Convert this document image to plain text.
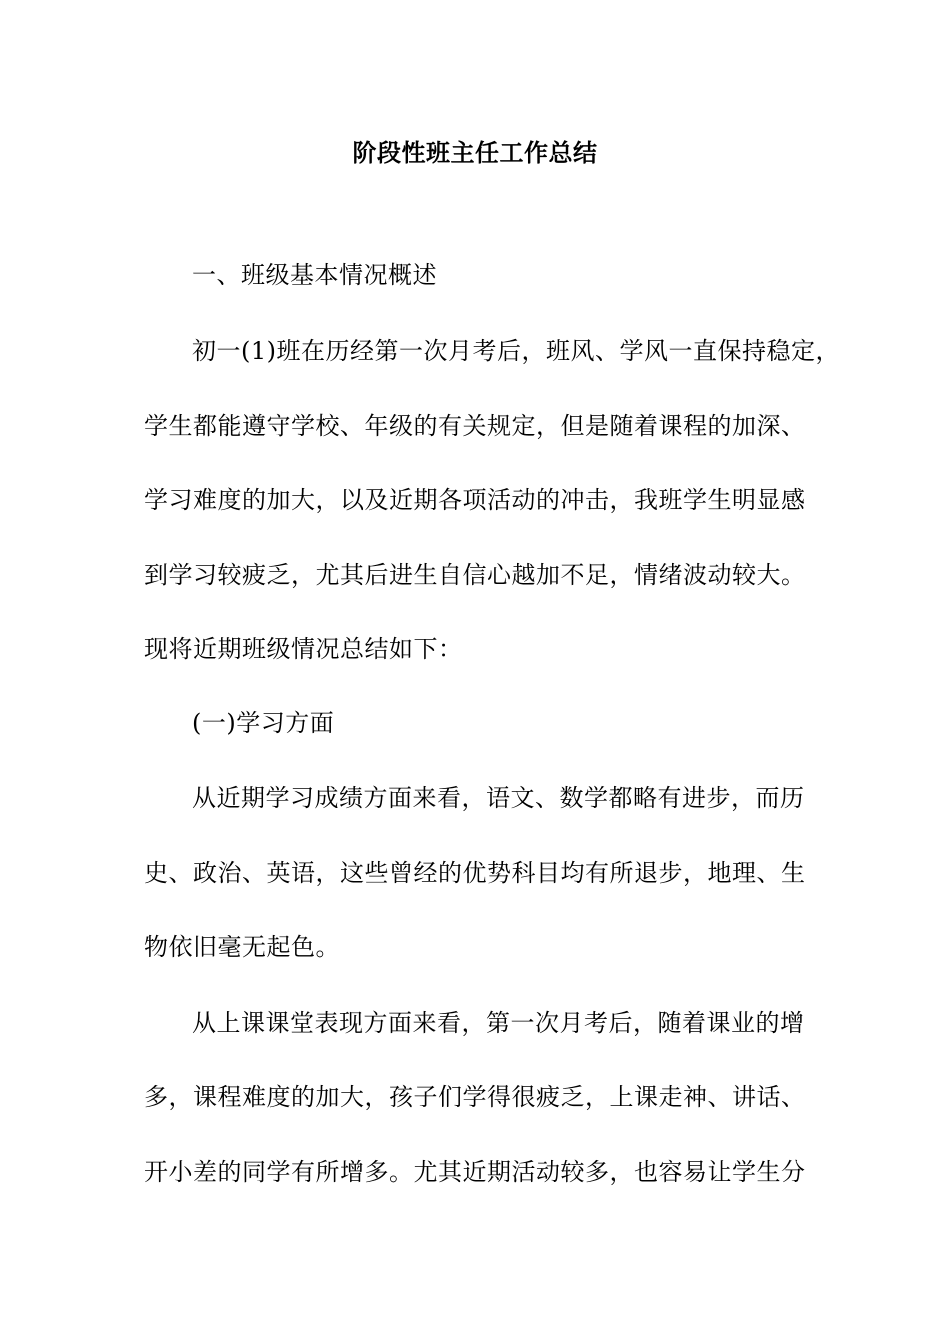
阶段性班主任工作总结
一、班级基本情况概述
初一(1)班在历经第一次月考后，班风、学风一直保持稳定，
学生都能遵守学校、年级的有关规定，但是随着课程的加深、
学习难度的加大，以及近期各项活动的冲击，我班学生明显感
到学习较疲乏，尤其后进生自信心越加不足，情绪波动较大。
现将近期班级情况总结如下：
(一)学习方面
从近期学习成绩方面来看，语文、数学都略有进步，而历
史、政治、英语，这些曾经的优势科目均有所退步，地理、生
物依旧毫无起色。
从上课课堂表现方面来看，第一次月考后，随着课业的增
多，课程难度的加大，孩子们学得很疲乏，上课走神、讲话、
开小差的同学有所增多。尤其近期活动较多，也容易让学生分
